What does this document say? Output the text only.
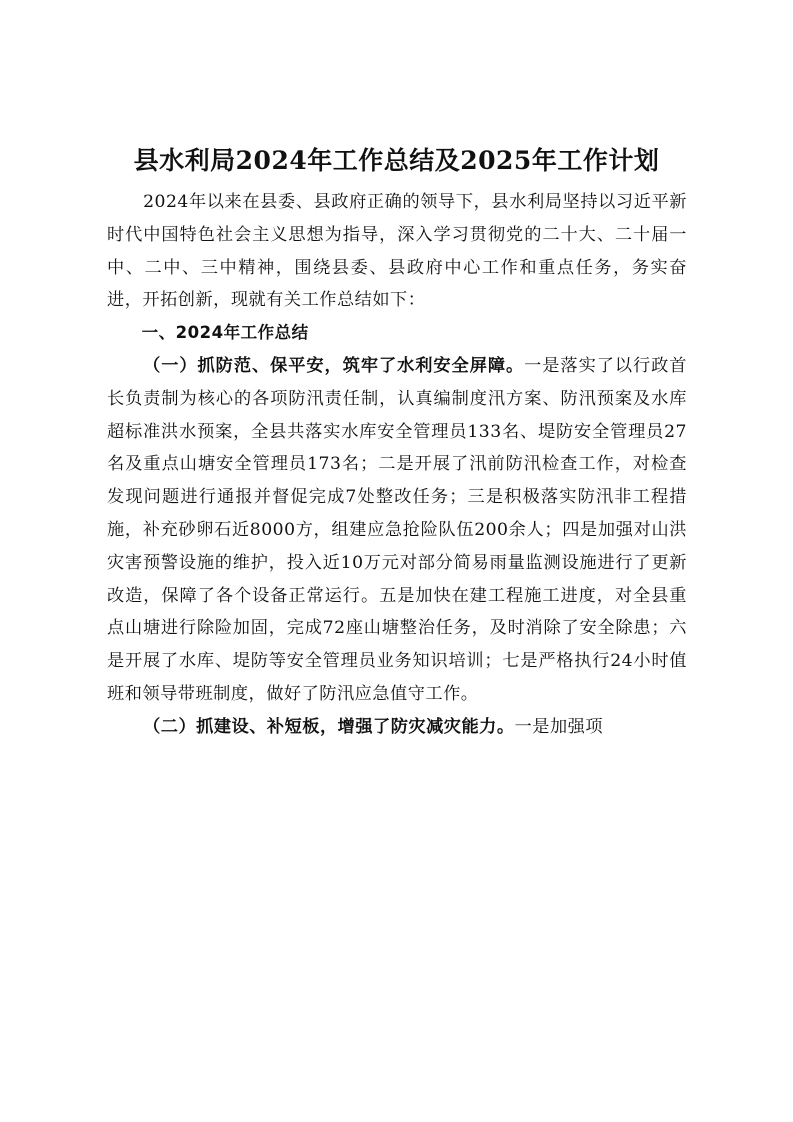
县水利局2024年工作总结及2025年工作计划

2024年以来在县委、县政府正确的领导下，县水利局坚持以习近平新时代中国特色社会主义思想为指导，深入学习贯彻党的二十大、二十届一中、二中、三中精神，围绕县委、县政府中心工作和重点任务，务实奋进，开拓创新，现就有关工作总结如下：

一、2024年工作总结

（一）抓防范、保平安，筑牢了水利安全屏障。一是落实了以行政首长负责制为核心的各项防汛责任制，认真编制度汛方案、防汛预案及水库超标准洪水预案，全县共落实水库安全管理员133名、堤防安全管理员27名及重点山塘安全管理员173名；二是开展了汛前防汛检查工作，对检查发现问题进行通报并督促完成7处整改任务；三是积极落实防汛非工程措施，补充砂卵石近8000方，组建应急抢险队伍200余人；四是加强对山洪灾害预警设施的维护，投入近10万元对部分简易雨量监测设施进行了更新改造，保障了各个设备正常运行。五是加快在建工程施工进度，对全县重点山塘进行除险加固，完成72座山塘整治任务，及时消除了安全除患；六是开展了水库、堤防等安全管理员业务知识培训；七是严格执行24小时值班和领导带班制度，做好了防汛应急值守工作。

（二）抓建设、补短板，增强了防灾减灾能力。一是加强项
